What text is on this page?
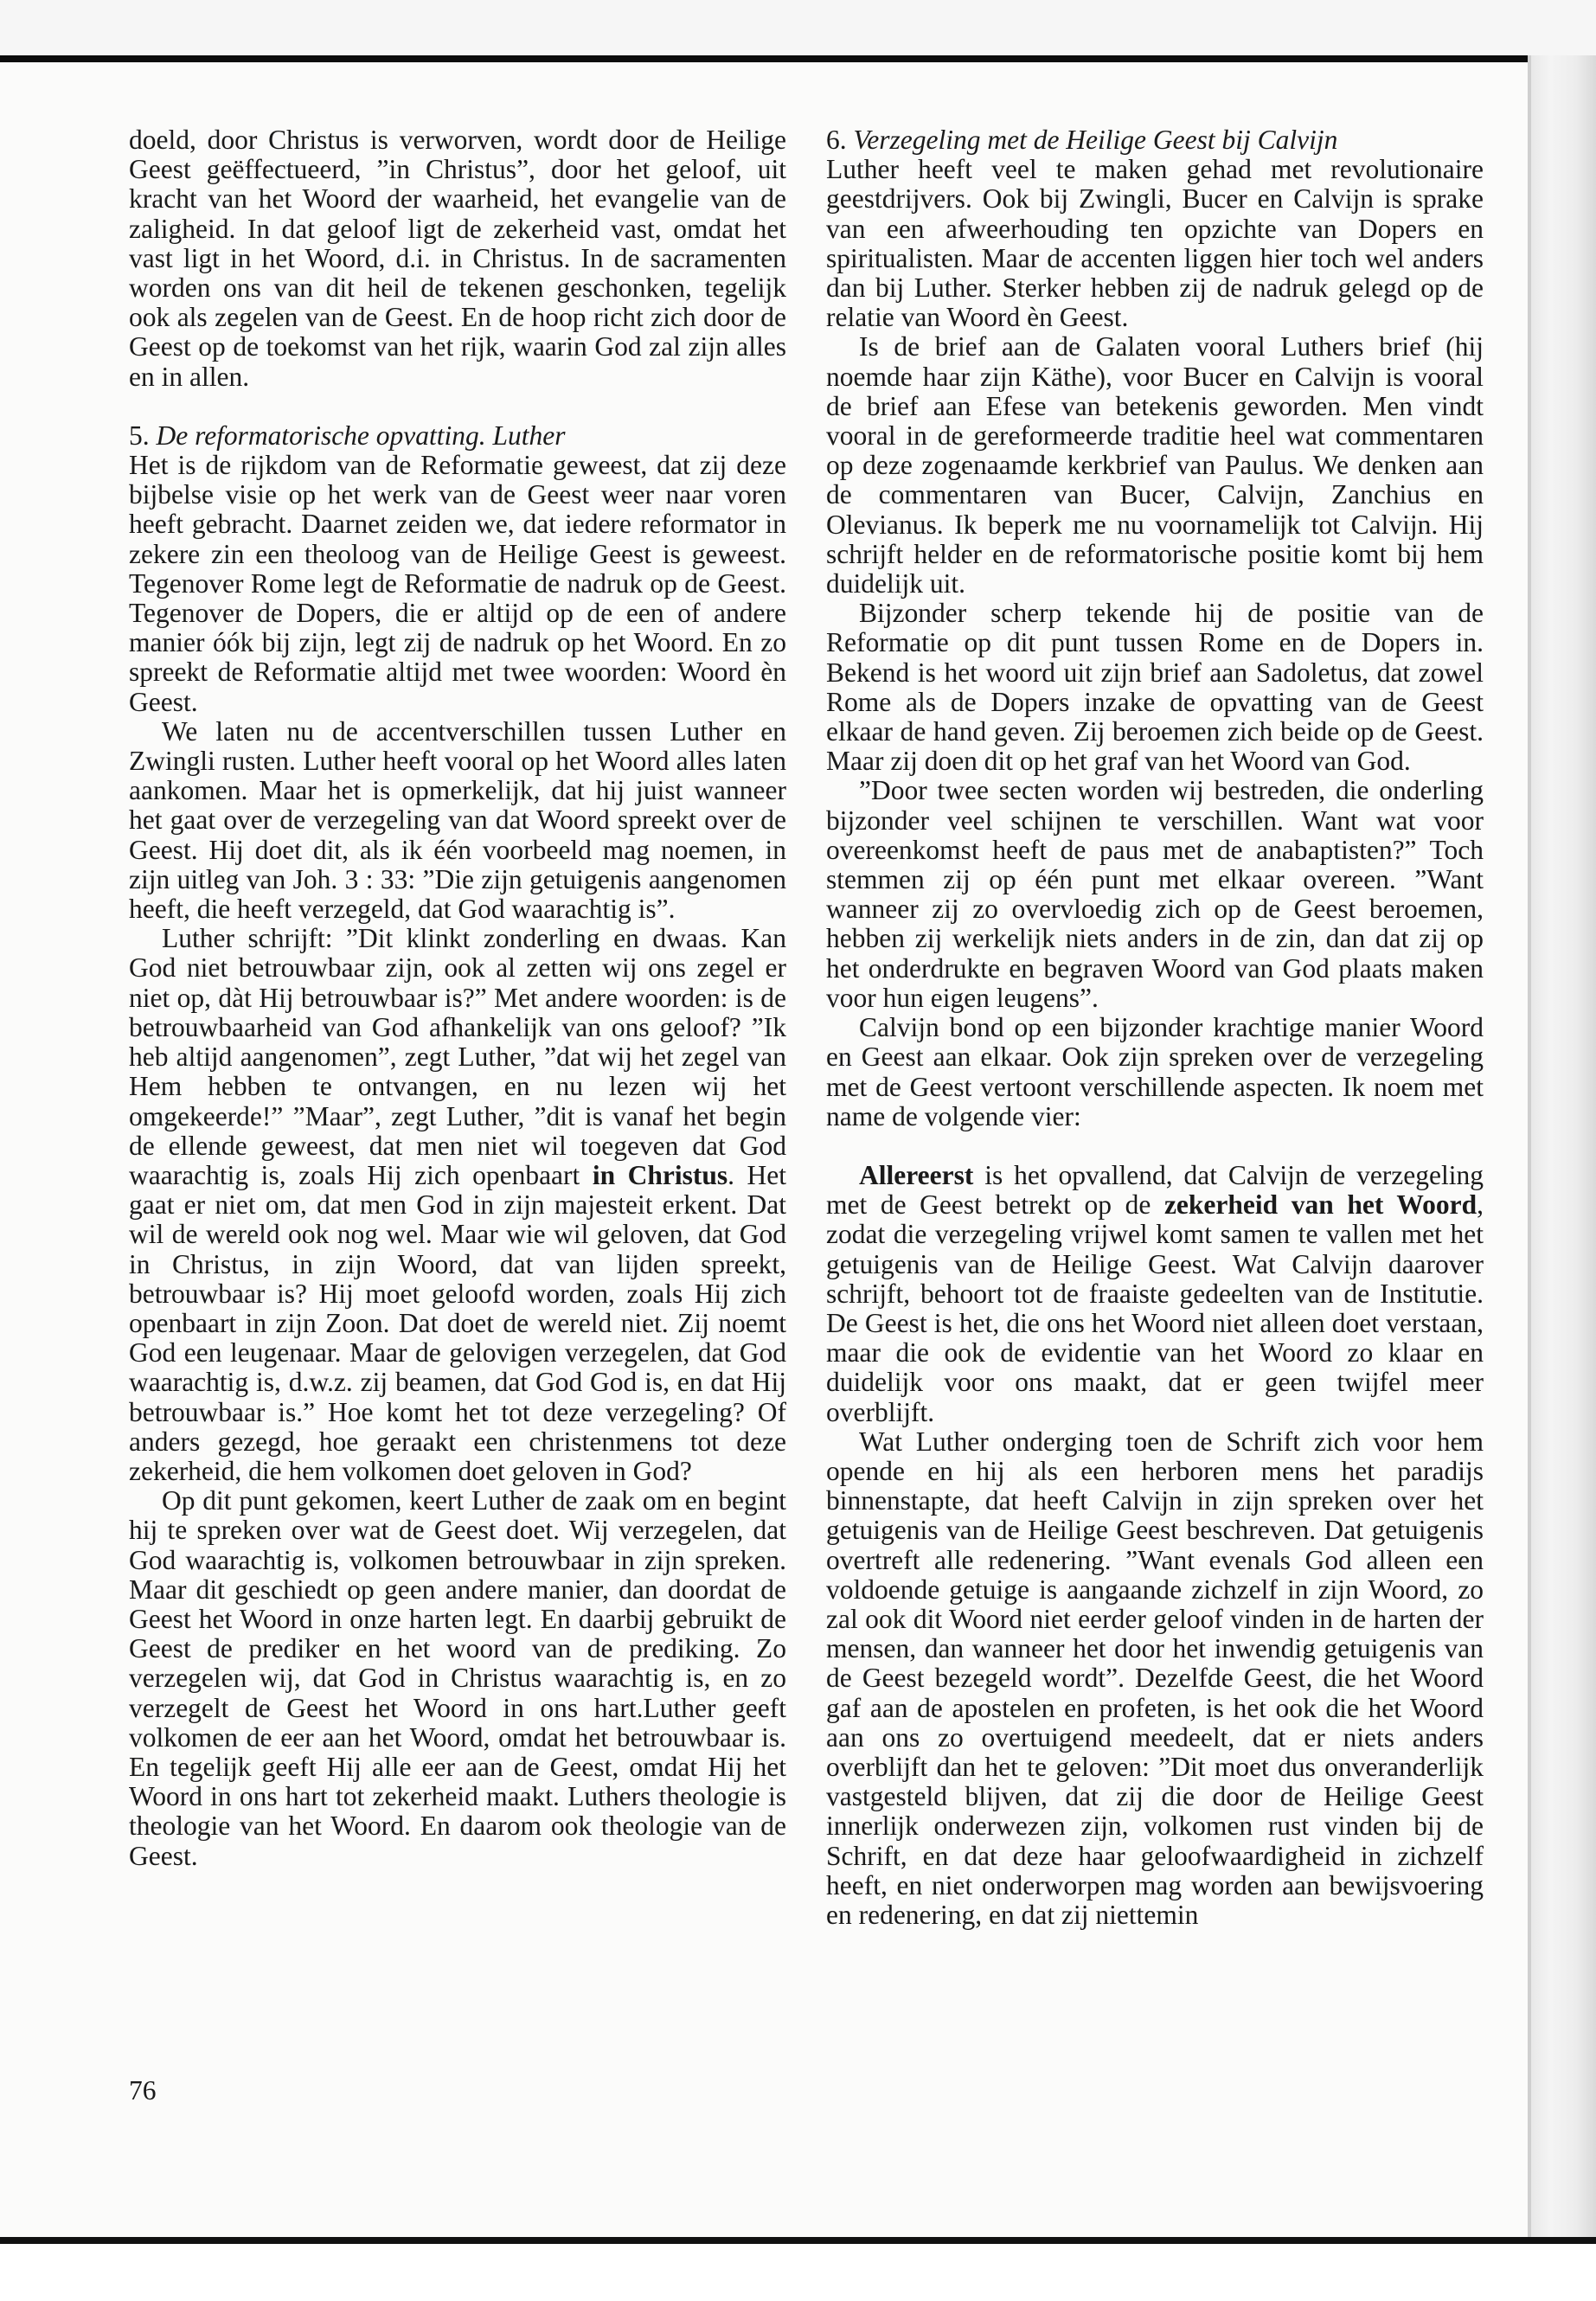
doeld, door Christus is verworven, wordt door de Heilige Geest geëffectueerd, ”in Christus”, door het geloof, uit kracht van het Woord der waarheid, het evangelie van de zaligheid. In dat geloof ligt de zekerheid vast, omdat het vast ligt in het Woord, d.i. in Christus. In de sacramenten worden ons van dit heil de tekenen geschonken, tegelijk ook als zegelen van de Geest. En de hoop richt zich door de Geest op de toekomst van het rijk, waarin God zal zijn alles en in allen.

5. De reformatorische opvatting. Luther

Het is de rijkdom van de Reformatie geweest, dat zij deze bijbelse visie op het werk van de Geest weer naar voren heeft gebracht. Daarnet zeiden we, dat iedere reformator in zekere zin een theoloog van de Heilige Geest is geweest. Tegenover Rome legt de Reformatie de nadruk op de Geest. Tegenover de Dopers, die er altijd op de een of andere manier óók bij zijn, legt zij de nadruk op het Woord. En zo spreekt de Reformatie altijd met twee woorden: Woord èn Geest.

We laten nu de accentverschillen tussen Luther en Zwingli rusten. Luther heeft vooral op het Woord alles laten aankomen. Maar het is opmerkelijk, dat hij juist wanneer het gaat over de verzegeling van dat Woord spreekt over de Geest. Hij doet dit, als ik één voorbeeld mag noemen, in zijn uitleg van Joh. 3 : 33: ”Die zijn getuigenis aangenomen heeft, die heeft verzegeld, dat God waarachtig is”.

Luther schrijft: ”Dit klinkt zonderling en dwaas. Kan God niet betrouwbaar zijn, ook al zetten wij ons zegel er niet op, dàt Hij betrouwbaar is?” Met andere woorden: is de betrouwbaarheid van God afhankelijk van ons geloof? ”Ik heb altijd aangenomen”, zegt Luther, ”dat wij het zegel van Hem hebben te ontvangen, en nu lezen wij het omgekeerde!” ”Maar”, zegt Luther, ”dit is vanaf het begin de ellende geweest, dat men niet wil toegeven dat God waarachtig is, zoals Hij zich openbaart in Christus. Het gaat er niet om, dat men God in zijn majesteit erkent. Dat wil de wereld ook nog wel. Maar wie wil geloven, dat God in Christus, in zijn Woord, dat van lijden spreekt, betrouwbaar is? Hij moet geloofd worden, zoals Hij zich openbaart in zijn Zoon. Dat doet de wereld niet. Zij noemt God een leugenaar. Maar de gelovigen verzegelen, dat God waarachtig is, d.w.z. zij beamen, dat God God is, en dat Hij betrouwbaar is.” Hoe komt het tot deze verzegeling? Of anders gezegd, hoe geraakt een christenmens tot deze zekerheid, die hem volkomen doet geloven in God?

Op dit punt gekomen, keert Luther de zaak om en begint hij te spreken over wat de Geest doet. Wij verzegelen, dat God waarachtig is, volkomen betrouwbaar in zijn spreken. Maar dit geschiedt op geen andere manier, dan doordat de Geest het Woord in onze harten legt. En daarbij gebruikt de Geest de prediker en het woord van de prediking. Zo verzegelen wij, dat God in Christus waarachtig is, en zo verzegelt de Geest het Woord in ons hart.Luther geeft volkomen de eer aan het Woord, omdat het betrouwbaar is. En tegelijk geeft Hij alle eer aan de Geest, omdat Hij het Woord in ons hart tot zekerheid maakt. Luthers theologie is theologie van het Woord. En daarom ook theologie van de Geest.

76

6. Verzegeling met de Heilige Geest bij Calvijn

Luther heeft veel te maken gehad met revolutionaire geestdrijvers. Ook bij Zwingli, Bucer en Calvijn is sprake van een afweerhouding ten opzichte van Dopers en spiritualisten. Maar de accenten liggen hier toch wel anders dan bij Luther. Sterker hebben zij de nadruk gelegd op de relatie van Woord èn Geest.

Is de brief aan de Galaten vooral Luthers brief (hij noemde haar zijn Käthe), voor Bucer en Calvijn is vooral de brief aan Efese van betekenis geworden. Men vindt vooral in de gereformeerde traditie heel wat commentaren op deze zogenaamde kerkbrief van Paulus. We denken aan de commentaren van Bucer, Calvijn, Zanchius en Olevianus. Ik beperk me nu voornamelijk tot Calvijn. Hij schrijft helder en de reformatorische positie komt bij hem duidelijk uit.

Bijzonder scherp tekende hij de positie van de Reformatie op dit punt tussen Rome en de Dopers in. Bekend is het woord uit zijn brief aan Sadoletus, dat zowel Rome als de Dopers inzake de opvatting van de Geest elkaar de hand geven. Zij beroemen zich beide op de Geest. Maar zij doen dit op het graf van het Woord van God.

”Door twee secten worden wij bestreden, die onderling bijzonder veel schijnen te verschillen. Want wat voor overeenkomst heeft de paus met de anabaptisten?” Toch stemmen zij op één punt met elkaar overeen. ”Want wanneer zij zo overvloedig zich op de Geest beroemen, hebben zij werkelijk niets anders in de zin, dan dat zij op het onderdrukte en begraven Woord van God plaats maken voor hun eigen leugens”.

Calvijn bond op een bijzonder krachtige manier Woord en Geest aan elkaar. Ook zijn spreken over de verzegeling met de Geest vertoont verschillende aspecten. Ik noem met name de volgende vier:

Allereerst is het opvallend, dat Calvijn de verzegeling met de Geest betrekt op de zekerheid van het Woord, zodat die verzegeling vrijwel komt samen te vallen met het getuigenis van de Heilige Geest. Wat Calvijn daarover schrijft, behoort tot de fraaiste gedeelten van de Institutie. De Geest is het, die ons het Woord niet alleen doet verstaan, maar die ook de evidentie van het Woord zo klaar en duidelijk voor ons maakt, dat er geen twijfel meer overblijft.

Wat Luther onderging toen de Schrift zich voor hem opende en hij als een herboren mens het paradijs binnenstapte, dat heeft Calvijn in zijn spreken over het getuigenis van de Heilige Geest beschreven. Dat getuigenis overtreft alle redenering. ”Want evenals God alleen een voldoende getuige is aangaande zichzelf in zijn Woord, zo zal ook dit Woord niet eerder geloof vinden in de harten der mensen, dan wanneer het door het inwendig getuigenis van de Geest bezegeld wordt”. Dezelfde Geest, die het Woord gaf aan de apostelen en profeten, is het ook die het Woord aan ons zo overtuigend meedeelt, dat er niets anders overblijft dan het te geloven: ”Dit moet dus onveranderlijk vastgesteld blijven, dat zij die door de Heilige Geest innerlijk onderwezen zijn, volkomen rust vinden bij de Schrift, en dat deze haar geloofwaardigheid in zichzelf heeft, en niet onderworpen mag worden aan bewijsvoering en redenering, en dat zij niettemin
